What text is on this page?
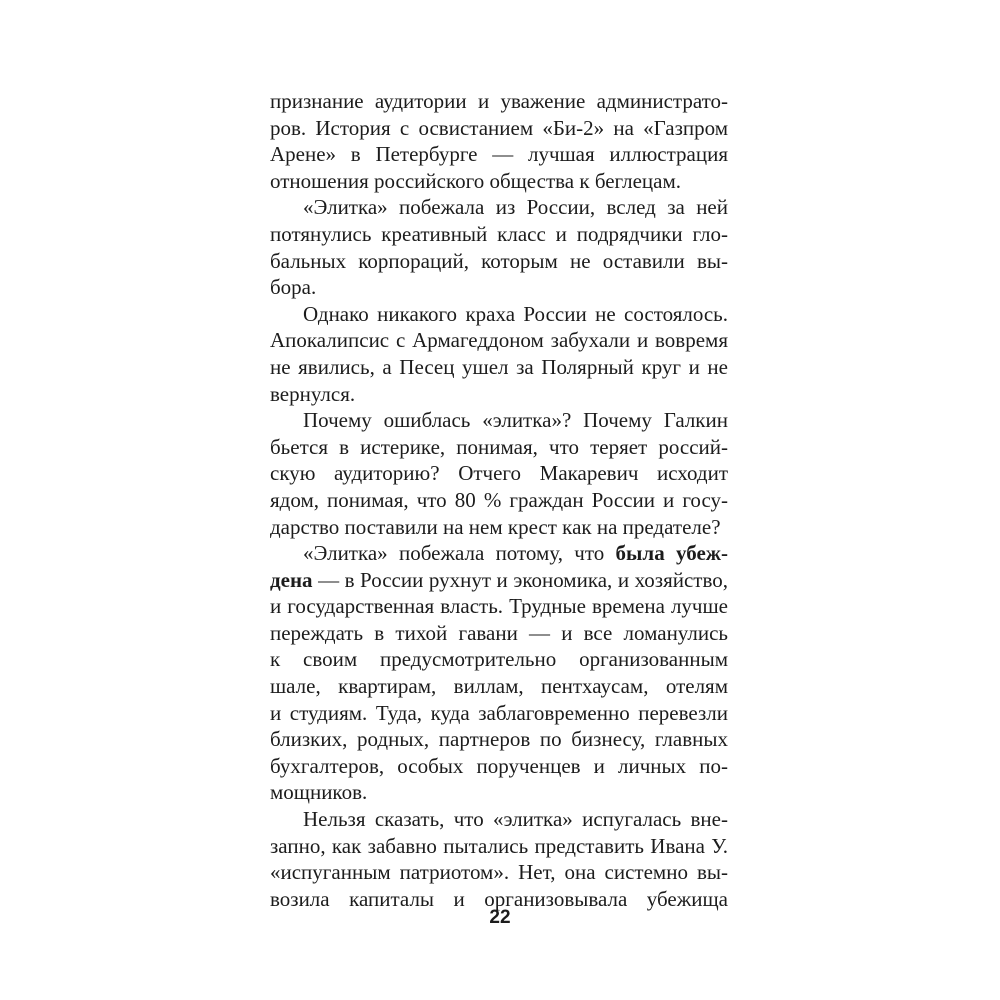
признание аудитории и уважение администрато-
ров. История с освистанием «Би-2» на «Газпром
Арене» в Петербурге — лучшая иллюстрация
отношения российского общества к беглецам.
«Элитка» побежала из России, вслед за ней
потянулись креативный класс и подрядчики гло-
бальных корпораций, которым не оставили вы-
бора.
Однако никакого краха России не состоялось.
Апокалипсис с Армагеддоном забухали и вовремя
не явились, а Песец ушел за Полярный круг и не
вернулся.
Почему ошиблась «элитка»? Почему Галкин
бьется в истерике, понимая, что теряет россий-
скую аудиторию? Отчего Макаревич исходит
ядом, понимая, что 80 % граждан России и госу-
дарство поставили на нем крест как на предателе?
«Элитка» побежала потому, что была убеж-
дена — в России рухнут и экономика, и хозяйство,
и государственная власть. Трудные времена лучше
переждать в тихой гавани — и все ломанулись
к своим предусмотрительно организованным
шале, квартирам, виллам, пентхаусам, отелям
и студиям. Туда, куда заблаговременно перевезли
близких, родных, партнеров по бизнесу, главных
бухгалтеров, особых порученцев и личных по-
мощников.
Нельзя сказать, что «элитка» испугалась вне-
запно, как забавно пытались представить Ивана У.
«испуганным патриотом». Нет, она системно вы-
возила капиталы и организовывала убежища
22
